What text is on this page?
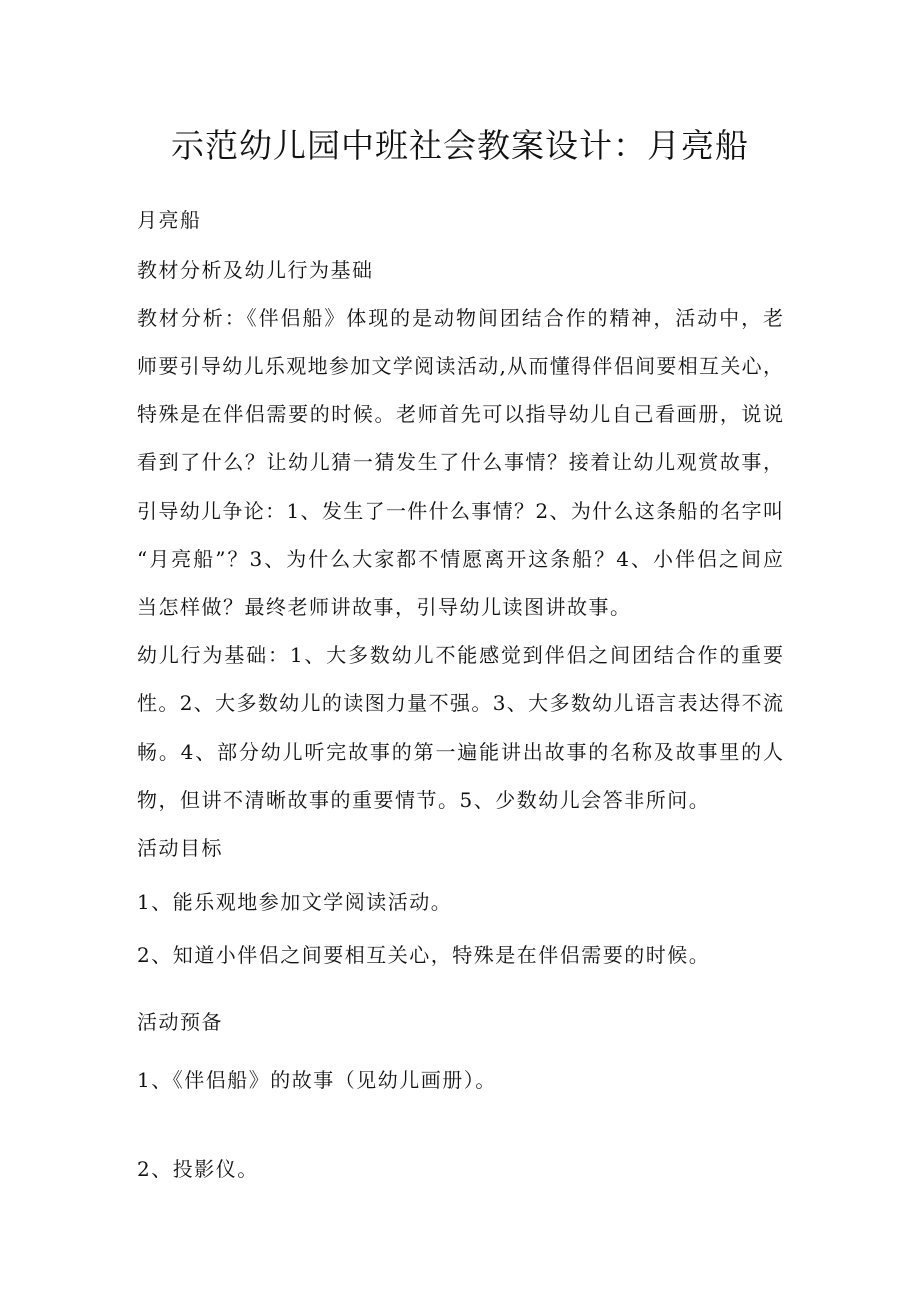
示范幼儿园中班社会教案设计：月亮船
月亮船
教材分析及幼儿行为基础
教材分析：《伴侣船》体现的是动物间团结合作的精神，活动中，老
师要引导幼儿乐观地参加文学阅读活动,从而懂得伴侣间要相互关心，
特殊是在伴侣需要的时候。老师首先可以指导幼儿自己看画册，说说
看到了什么？让幼儿猜一猜发生了什么事情？接着让幼儿观赏故事，
引导幼儿争论：1、发生了一件什么事情？2、为什么这条船的名字叫
“月亮船”？3、为什么大家都不情愿离开这条船？4、小伴侣之间应
当怎样做？最终老师讲故事，引导幼儿读图讲故事。
幼儿行为基础：1、大多数幼儿不能感觉到伴侣之间团结合作的重要
性。2、大多数幼儿的读图力量不强。3、大多数幼儿语言表达得不流
畅。4、部分幼儿听完故事的第一遍能讲出故事的名称及故事里的人
物，但讲不清晰故事的重要情节。5、少数幼儿会答非所问。
活动目标
1、能乐观地参加文学阅读活动。
2、知道小伴侣之间要相互关心，特殊是在伴侣需要的时候。
活动预备
1、《伴侣船》的故事（见幼儿画册）。
2、投影仪。
